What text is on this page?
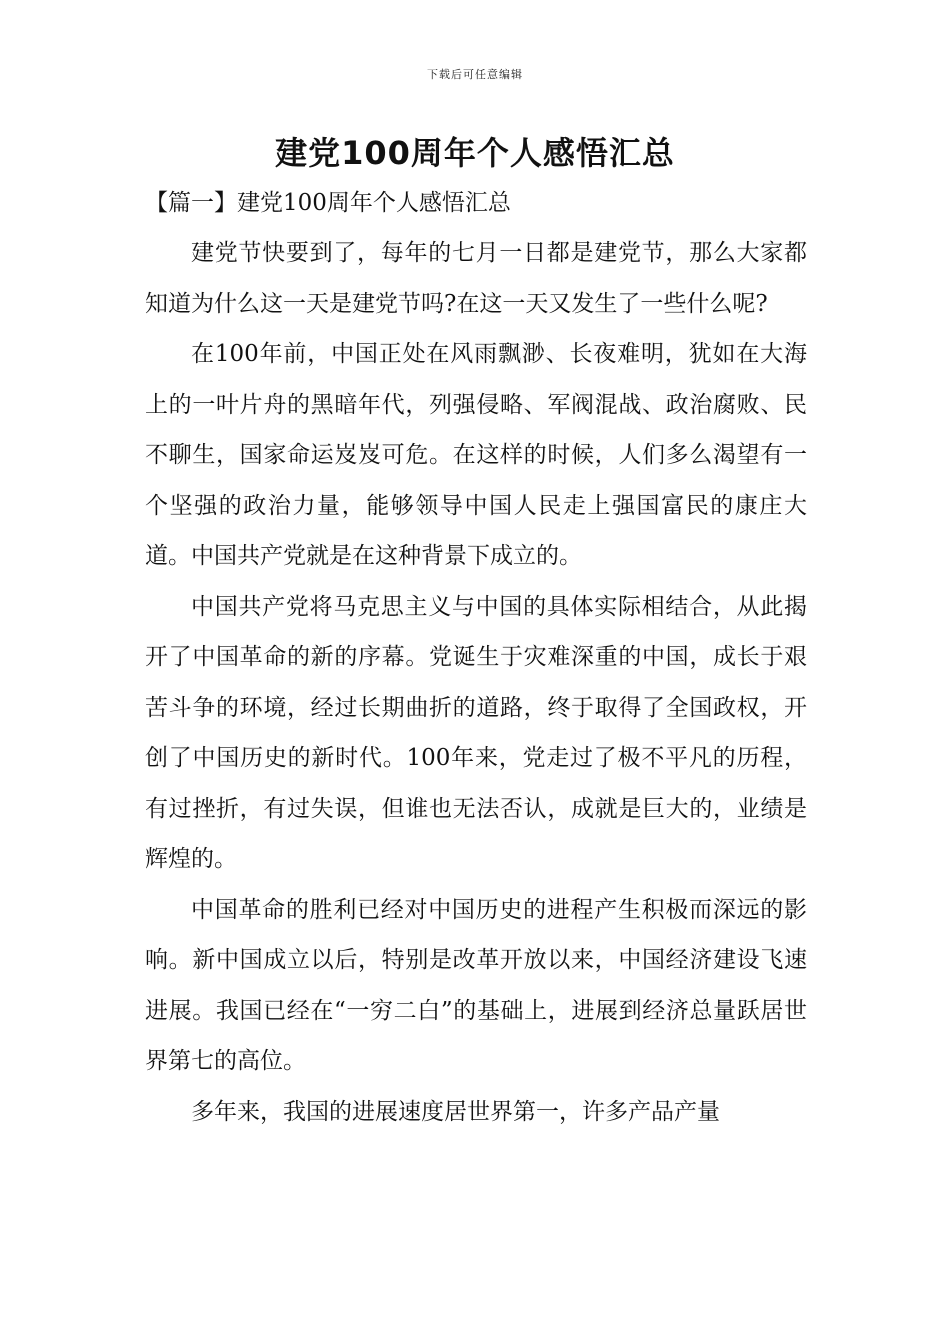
下载后可任意编辑
建党100周年个人感悟汇总
【篇一】建党100周年个人感悟汇总

建党节快要到了，每年的七月一日都是建党节，那么大家都知道为什么这一天是建党节吗?在这一天又发生了一些什么呢?

在100年前，中国正处在风雨飘渺、长夜难明，犹如在大海上的一叶片舟的黑暗年代，列强侵略、军阀混战、政治腐败、民不聊生，国家命运岌岌可危。在这样的时候，人们多么渴望有一个坚强的政治力量，能够领导中国人民走上强国富民的康庄大道。中国共产党就是在这种背景下成立的。

中国共产党将马克思主义与中国的具体实际相结合，从此揭开了中国革命的新的序幕。党诞生于灾难深重的中国，成长于艰苦斗争的环境，经过长期曲折的道路，终于取得了全国政权，开创了中国历史的新时代。100年来，党走过了极不平凡的历程，有过挫折，有过失误，但谁也无法否认，成就是巨大的，业绩是辉煌的。

中国革命的胜利已经对中国历史的进程产生积极而深远的影响。新中国成立以后，特别是改革开放以来，中国经济建设飞速进展。我国已经在“一穷二白”的基础上，进展到经济总量跃居世界第七的高位。

多年来，我国的进展速度居世界第一，许多产品产量
